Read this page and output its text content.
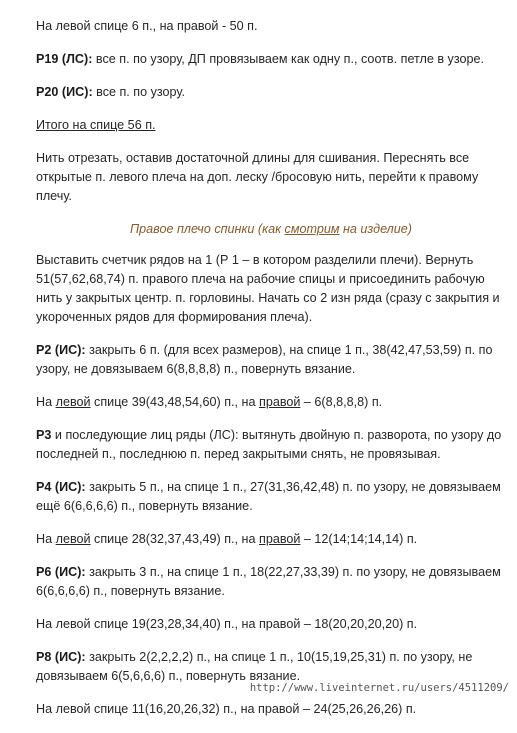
На левой спице 6 п., на правой - 50 п.

Р19 (ЛС): все п. по узору, ДП провязываем как одну п., соотв. петле в узоре.

Р20 (ИС): все п. по узору.

Итого на спице 56 п.

Нить отрезать, оставив достаточной длины для сшивания. Переснять все открытые п. левого плеча на доп. леску /бросовую нить, перейти к правому плечу.

Правое плечо спинки (как смотрим на изделие)

Выставить счетчик рядов на 1 (Р 1 – в котором разделили плечи). Вернуть 51(57,62,68,74) п. правого плеча на рабочие спицы и присоединить рабочую нить у закрытых центр. п. горловины. Начать со 2 изн ряда (сразу с закрытия и укороченных рядов для формирования плеча).

Р2 (ИС): закрыть 6 п. (для всех размеров), на спице 1 п., 38(42,47,53,59) п. по узору, не довязываем 6(8,8,8,8) п., повернуть вязание.

На левой спице 39(43,48,54,60) п., на правой – 6(8,8,8,8) п.

Р3 и последующие лиц ряды (ЛС): вытянуть двойную п. разворота, по узору до последней п., последнюю п. перед закрытыми снять, не провязывая.

Р4 (ИС): закрыть 5 п., на спице 1 п., 27(31,36,42,48) п. по узору, не довязываем ещё 6(6,6,6,6) п., повернуть вязание.

На левой спице 28(32,37,43,49) п., на правой – 12(14;14;14,14) п.

Р6 (ИС): закрыть 3 п., на спице 1 п., 18(22,27,33,39) п. по узору, не довязываем 6(6,6,6,6) п., повернуть вязание.

На левой спице 19(23,28,34,40) п., на правой – 18(20,20,20,20) п.

Р8 (ИС): закрыть 2(2,2,2,2) п., на спице 1 п., 10(15,19,25,31) п. по узору, не довязываем 6(5,6,6,6) п., повернуть вязание.

На левой спице 11(16,20,26,32) п., на правой – 24(25,26,26,26) п.

http://www.liveinternet.ru/users/4511209/
